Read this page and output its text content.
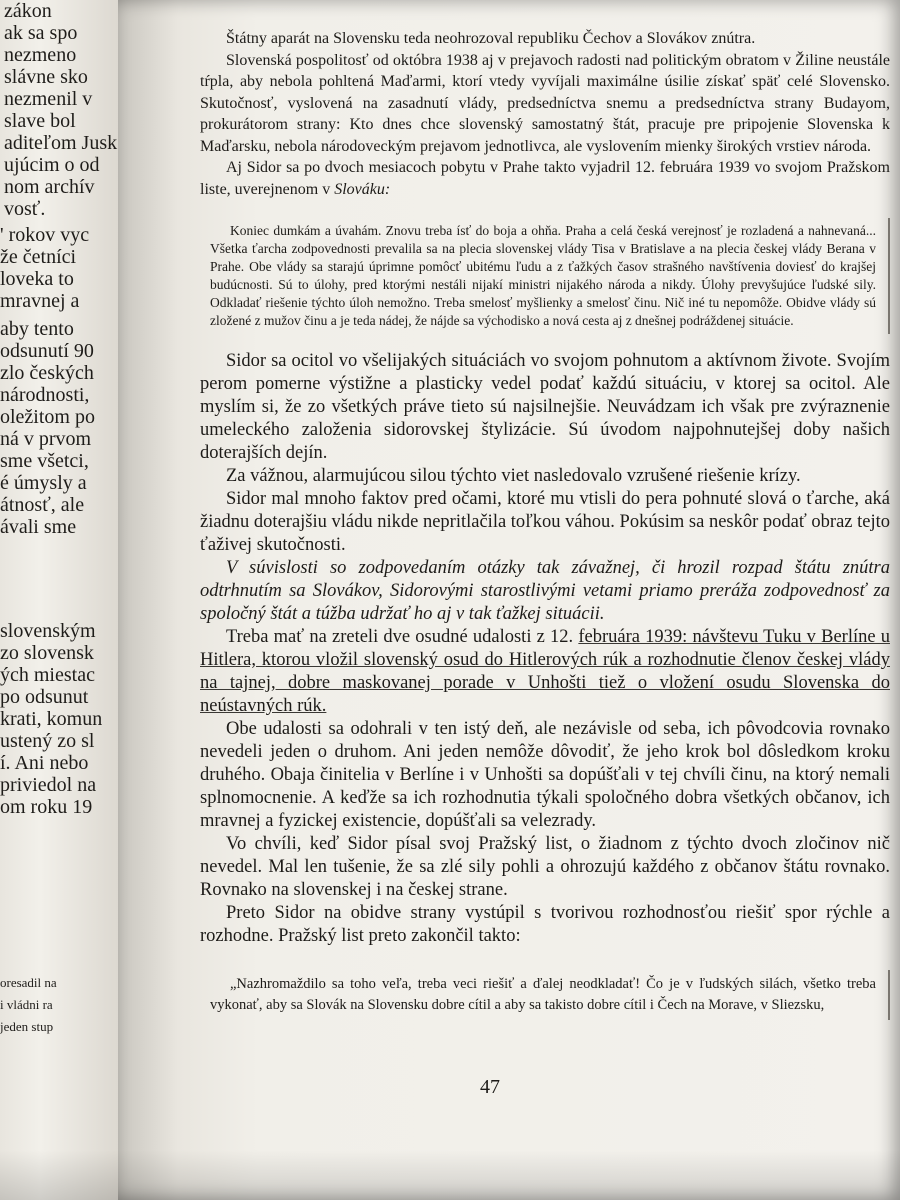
zákon
ak sa spo
nezmeno
slávne sko
nezmenil v
slave bol
aditeľom Jusk
ujúcim o od
nom archív
vosť.
' rokov vyc
že četníci
loveka to
mravnej a
aby tento
odsunutí 90
zlo českých
národnosti,
oležitom po
ná v prvom
sme všetci,
é úmysly a
átnosť, ale
ávali sme
slovenským
zo slovensk
ých miestac
po odsunut
krati, komun
ustený zo sl
í. Ani nebo
priviedol na
om roku 19
oresadil na
i vládni ra
jeden stup

Štátny aparát na Slovensku teda neohrozoval republiku Čechov a Slovákov znútra.

Slovenská pospolitosť od októbra 1938 aj v prejavoch radosti nad politickým obratom v Žiline neustále tŕpla, aby nebola pohltená Maďarmi, ktorí vtedy vyvíjali maximálne úsilie získať späť celé Slovensko. Skutočnosť, vyslovená na zasadnutí vlády, predsedníctva snemu a predsedníctva strany Budayom, prokurátorom strany: Kto dnes chce slovenský samostatný štát, pracuje pre pripojenie Slovenska k Maďarsku, nebola národoveckým prejavom jednotlivca, ale vyslovením mienky širokých vrstiev národa.

Aj Sidor sa po dvoch mesiacoch pobytu v Prahe takto vyjadril 12. februára 1939 vo svojom Pražskom liste, uverejnenom v Slováku:

Koniec dumkám a úvahám. Znovu treba ísť do boja a ohňa. Praha a celá česká verejnosť je rozladená a nahnevaná... Všetka ťarcha zodpovednosti prevalila sa na plecia slovenskej vlády Tisa v Bratislave a na plecia českej vlády Berana v Prahe. Obe vlády sa starajú úprimne pomôcť ubitému ľudu a z ťažkých časov strašného navštívenia doviesť do krajšej budúcnosti. Sú to úlohy, pred ktorými nestáli nijakí ministri nijakého národa a nikdy. Úlohy prevyšujúce ľudské sily. Odkladať riešenie týchto úloh nemožno. Treba smelosť myšlienky a smelosť činu. Nič iné tu nepomôže. Obidve vlády sú zložené z mužov činu a je teda nádej, že nájde sa východisko a nová cesta aj z dnešnej podráždenej situácie.

Sidor sa ocitol vo všelijakých situáciách vo svojom pohnutom a aktívnom živote. Svojím perom pomerne výstižne a plasticky vedel podať každú situáciu, v ktorej sa ocitol. Ale myslím si, že zo všetkých práve tieto sú najsilnejšie. Neuvádzam ich však pre zvýraznenie umeleckého založenia sidorovskej štylizácie. Sú úvodom najpohnutejšej doby našich doterajších dejín.

Za vážnou, alarmujúcou silou týchto viet nasledovalo vzrušené riešenie krízy.

Sidor mal mnoho faktov pred očami, ktoré mu vtisli do pera pohnuté slová o ťarche, aká žiadnu doterajšiu vládu nikde nepritlačila toľkou váhou. Pokúsim sa neskôr podať obraz tejto ťaživej skutočnosti.

V súvislosti so zodpovedaním otázky tak závažnej, či hrozil rozpad štátu znútra odtrhnutím sa Slovákov, Sidorovými starostlivými vetami priamo preráža zodpovednosť za spoločný štát a túžba udržať ho aj v tak ťažkej situácii.

Treba mať na zreteli dve osudné udalosti z 12. februára 1939: návštevu Tuku v Berlíne u Hitlera, ktorou vložil slovenský osud do Hitlerových rúk a rozhodnutie členov českej vlády na tajnej, dobre maskovanej porade v Unhošti tiež o vložení osudu Slovenska do neústavných rúk.

Obe udalosti sa odohrali v ten istý deň, ale nezávisle od seba, ich pôvodcovia rovnako nevedeli jeden o druhom. Ani jeden nemôže dôvodiť, že jeho krok bol dôsledkom kroku druhého. Obaja činitelia v Berlíne i v Unhošti sa dopúšťali v tej chvíli činu, na ktorý nemali splnomocnenie. A keďže sa ich rozhodnutia týkali spoločného dobra všetkých občanov, ich mravnej a fyzickej existencie, dopúšťali sa velezrady.

Vo chvíli, keď Sidor písal svoj Pražský list, o žiadnom z týchto dvoch zločinov nič nevedel. Mal len tušenie, že sa zlé sily pohli a ohrozujú každého z občanov štátu rovnako. Rovnako na slovenskej i na českej strane.

Preto Sidor na obidve strany vystúpil s tvorivou rozhodnosťou riešiť spor rýchle a rozhodne. Pražský list preto zakončil takto:

„Nazhromaždilo sa toho veľa, treba veci riešiť a ďalej neodkladať! Čo je v ľudských silách, všetko treba vykonať, aby sa Slovák na Slovensku dobre cítil a aby sa takisto dobre cítil i Čech na Morave, v Sliezsku,

47
